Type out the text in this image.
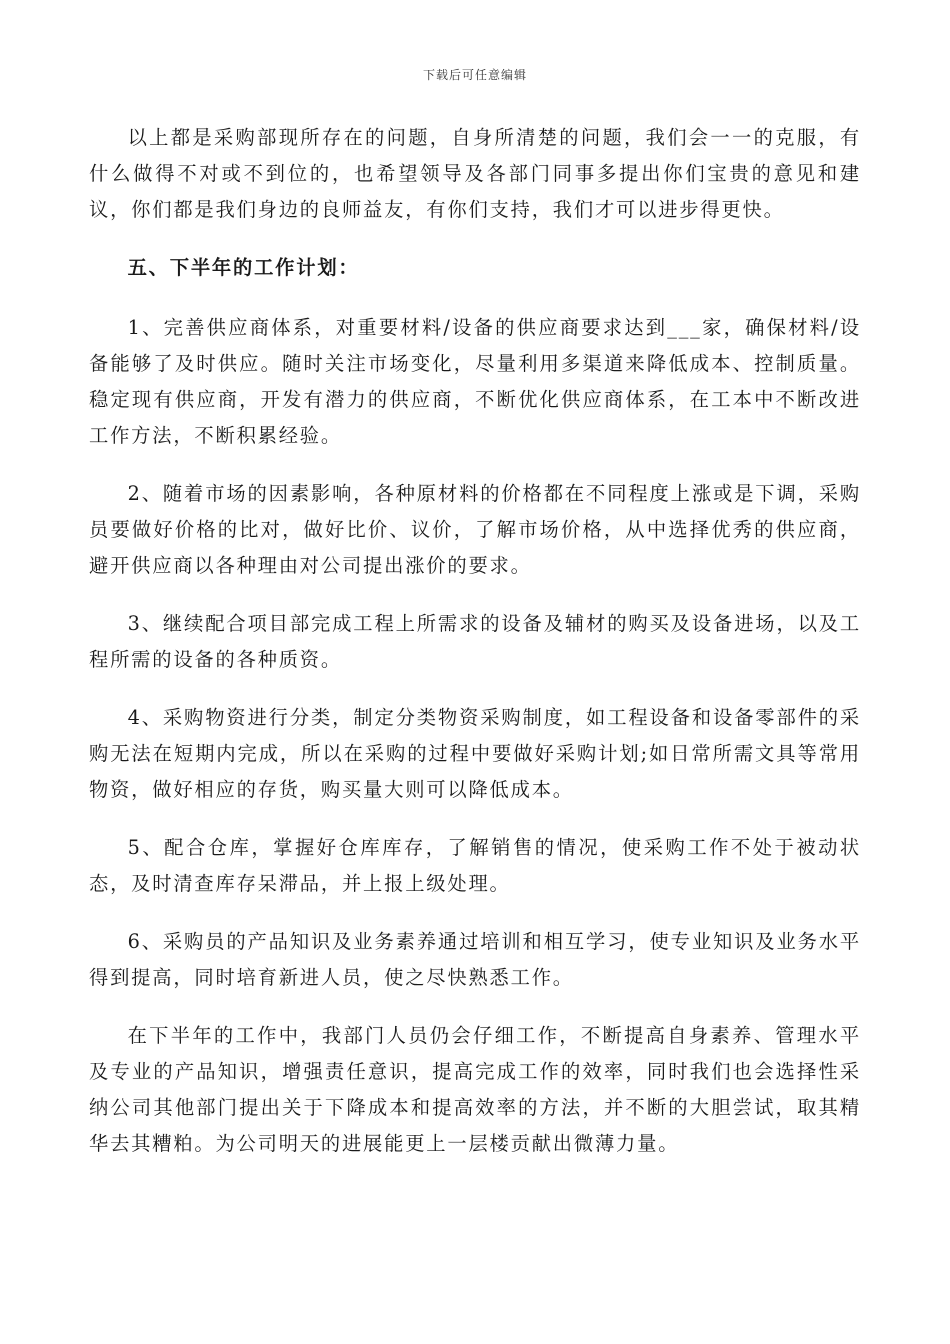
下载后可任意编辑

以上都是采购部现所存在的问题，自身所清楚的问题，我们会一一的克服，有什么做得不对或不到位的，也希望领导及各部门同事多提出你们宝贵的意见和建议，你们都是我们身边的良师益友，有你们支持，我们才可以进步得更快。

五、下半年的工作计划：

1、完善供应商体系，对重要材料/设备的供应商要求达到___家，确保材料/设备能够了及时供应。随时关注市场变化，尽量利用多渠道来降低成本、控制质量。稳定现有供应商，开发有潜力的供应商，不断优化供应商体系，在工本中不断改进工作方法，不断积累经验。

2、随着市场的因素影响，各种原材料的价格都在不同程度上涨或是下调，采购员要做好价格的比对，做好比价、议价，了解市场价格，从中选择优秀的供应商，避开供应商以各种理由对公司提出涨价的要求。

3、继续配合项目部完成工程上所需求的设备及辅材的购买及设备进场，以及工程所需的设备的各种质资。

4、采购物资进行分类，制定分类物资采购制度，如工程设备和设备零部件的采购无法在短期内完成，所以在采购的过程中要做好采购计划;如日常所需文具等常用物资，做好相应的存货，购买量大则可以降低成本。

5、配合仓库，掌握好仓库库存，了解销售的情况，使采购工作不处于被动状态，及时清查库存呆滞品，并上报上级处理。

6、采购员的产品知识及业务素养通过培训和相互学习，使专业知识及业务水平得到提高，同时培育新进人员，使之尽快熟悉工作。

在下半年的工作中，我部门人员仍会仔细工作，不断提高自身素养、管理水平及专业的产品知识，增强责任意识，提高完成工作的效率，同时我们也会选择性采纳公司其他部门提出关于下降成本和提高效率的方法，并不断的大胆尝试，取其精华去其糟粕。为公司明天的进展能更上一层楼贡献出微薄力量。
